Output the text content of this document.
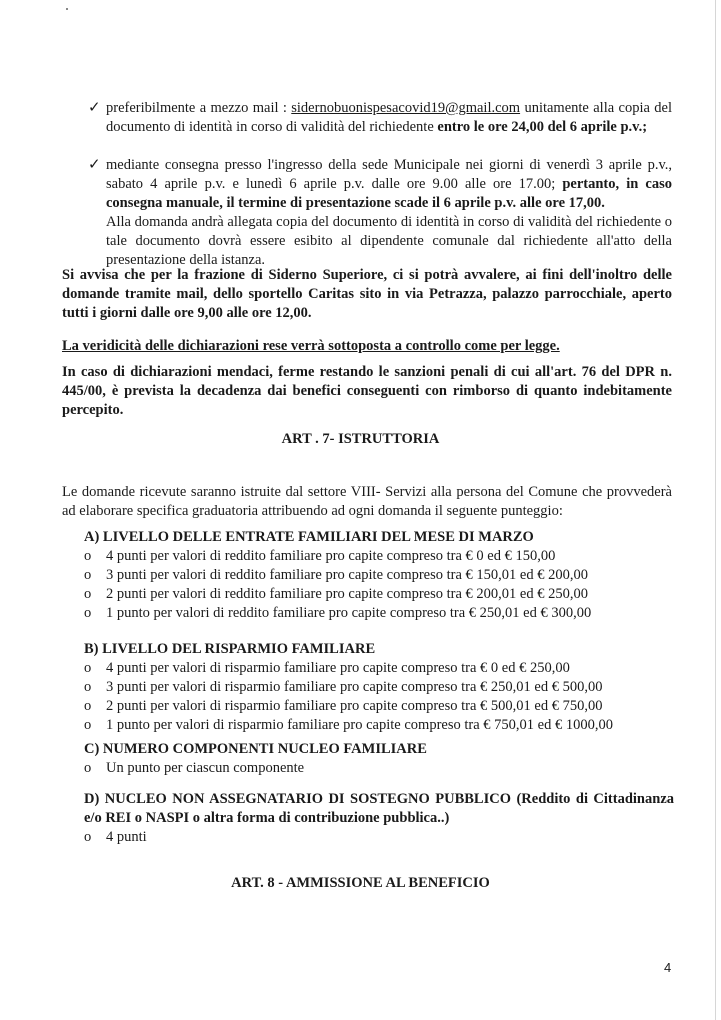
✓ preferibilmente a mezzo mail : sidernobuonispesacovid19@gmail.com unitamente alla copia del documento di identità in corso di validità del richiedente entro le ore 24,00 del 6 aprile p.v.;
✓ mediante consegna presso l'ingresso della sede Municipale nei giorni di venerdì 3 aprile p.v., sabato 4 aprile p.v. e lunedì 6 aprile p.v. dalle ore 9.00 alle ore 17.00; pertanto, in caso consegna manuale, il termine di presentazione scade il 6 aprile p.v. alle ore 17,00.
Alla domanda andrà allegata copia del documento di identità in corso di validità del richiedente o tale documento dovrà essere esibito al dipendente comunale dal richiedente all'atto della presentazione della istanza.
Si avvisa che per la frazione di Siderno Superiore, ci si potrà avvalere, ai fini dell'inoltro delle domande tramite mail, dello sportello Caritas sito in via Petrazza, palazzo parrocchiale, aperto tutti i giorni dalle ore 9,00 alle ore 12,00.
La veridicità delle dichiarazioni rese verrà sottoposta a controllo come per legge.
In caso di dichiarazioni mendaci, ferme restando le sanzioni penali di cui all'art. 76 del DPR n. 445/00, è prevista la decadenza dai benefici conseguenti con rimborso di quanto indebitamente percepito.
ART . 7- ISTRUTTORIA
Le domande ricevute saranno istruite dal settore VIII- Servizi alla persona del Comune che provvederà ad elaborare specifica graduatoria attribuendo ad ogni domanda il seguente punteggio:
A) LIVELLO DELLE ENTRATE FAMILIARI DEL MESE DI MARZO
o 4 punti per valori di reddito familiare pro capite compreso tra € 0 ed € 150,00
o 3 punti per valori di reddito familiare pro capite compreso tra € 150,01 ed € 200,00
o 2 punti per valori di reddito familiare pro capite compreso tra € 200,01 ed € 250,00
o 1 punto per valori di reddito familiare pro capite compreso tra € 250,01 ed € 300,00
B) LIVELLO DEL RISPARMIO FAMILIARE
o 4 punti per valori di risparmio familiare pro capite compreso tra € 0 ed € 250,00
o 3 punti per valori di risparmio familiare pro capite compreso tra € 250,01 ed € 500,00
o 2 punti per valori di risparmio familiare pro capite compreso tra € 500,01 ed € 750,00
o 1 punto per valori di risparmio familiare pro capite compreso tra € 750,01 ed € 1000,00
C) NUMERO COMPONENTI NUCLEO FAMILIARE
o Un punto per ciascun componente
D) NUCLEO NON ASSEGNATARIO DI SOSTEGNO PUBBLICO (Reddito di Cittadinanza e/o REI o NASPI o altra forma di contribuzione pubblica..)
o 4 punti
ART. 8 - AMMISSIONE AL BENEFICIO
4
